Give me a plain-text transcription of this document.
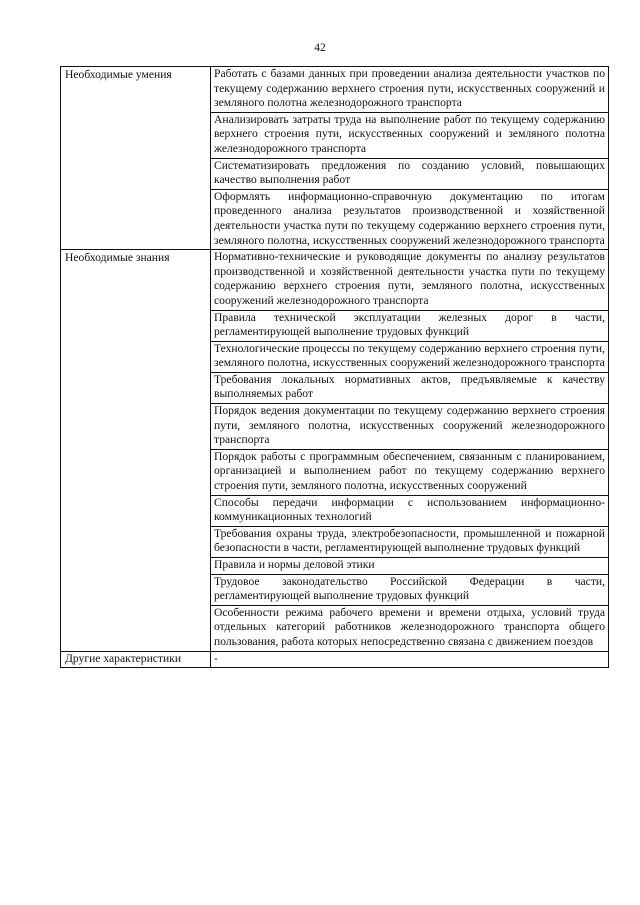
42
Необходимые умения	Работать с базами данных при проведении анализа деятельности участков по текущему содержанию верхнего строения пути, искусственных сооружений и земляного полотна железнодорожного транспорта
	Анализировать затраты труда на выполнение работ по текущему содержанию верхнего строения пути, искусственных сооружений и земляного полотна железнодорожного транспорта
	Систематизировать предложения по созданию условий, повышающих качество выполнения работ
	Оформлять информационно-справочную документацию по итогам проведенного анализа результатов производственной и хозяйственной деятельности участка пути по текущему содержанию верхнего строения пути, земляного полотна, искусственных сооружений железнодорожного транспорта
Необходимые знания	Нормативно-технические и руководящие документы по анализу результатов производственной и хозяйственной деятельности участка пути по текущему содержанию верхнего строения пути, земляного полотна, искусственных сооружений железнодорожного транспорта
	Правила технической эксплуатации железных дорог в части, регламентирующей выполнение трудовых функций
	Технологические процессы по текущему содержанию верхнего строения пути, земляного полотна, искусственных сооружений железнодорожного транспорта
	Требования локальных нормативных актов, предъявляемые к качеству выполняемых работ
	Порядок ведения документации по текущему содержанию верхнего строения пути, земляного полотна, искусственных сооружений железнодорожного транспорта
	Порядок работы с программным обеспечением, связанным с планированием, организацией и выполнением работ по текущему содержанию верхнего строения пути, земляного полотна, искусственных сооружений
	Способы передачи информации с использованием информационно-коммуникационных технологий
	Требования охраны труда, электробезопасности, промышленной и пожарной безопасности в части, регламентирующей выполнение трудовых функций
	Правила и нормы деловой этики
	Трудовое законодательство Российской Федерации в части, регламентирующей выполнение трудовых функций
	Особенности режима рабочего времени и времени отдыха, условий труда отдельных категорий работников железнодорожного транспорта общего пользования, работа которых непосредственно связана с движением поездов
Другие характеристики	-
